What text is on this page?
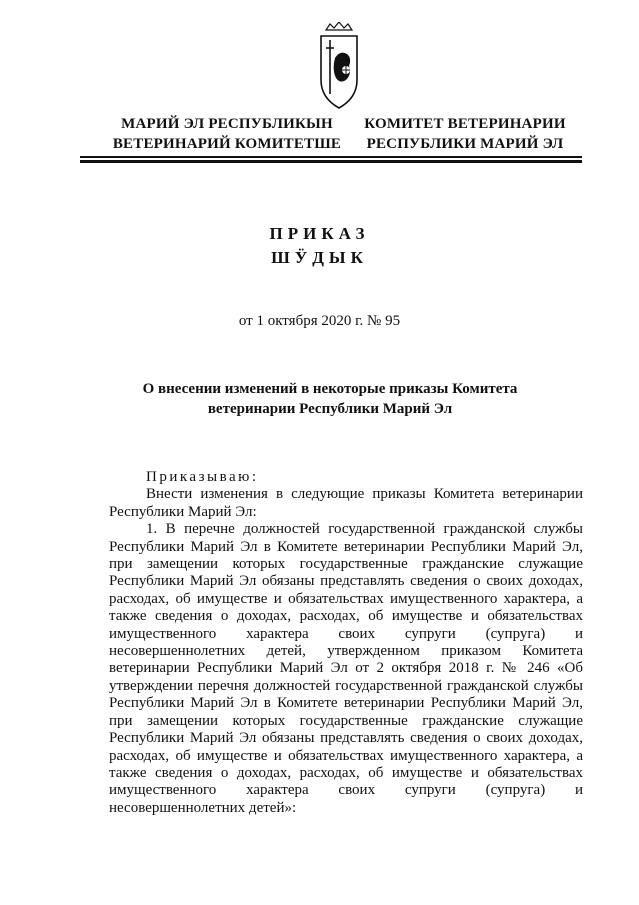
МАРИЙ ЭЛ РЕСПУБЛИКЫН
ВЕТЕРИНАРИЙ КОМИТЕТШЕ
КОМИТЕТ ВЕТЕРИНАРИИ
РЕСПУБЛИКИ МАРИЙ ЭЛ
ПРИКАЗ
ШӰДЫК
от 1 октября 2020 г. № 95
О внесении изменений в некоторые приказы Комитета
ветеринарии Республики Марий Эл

Приказываю:

Внести изменения в следующие приказы Комитета ветеринарии Республики Марий Эл:

1. В перечне должностей государственной гражданской службы Республики Марий Эл в Комитете ветеринарии Республики Марий Эл, при замещении которых государственные гражданские служащие Республики Марий Эл обязаны представлять сведения о своих доходах, расходах, об имуществе и обязательствах имущественного характера, а также сведения о доходах, расходах, об имуществе и обязательствах имущественного характера своих супруги (супруга) и несовершеннолетних детей, утвержденном приказом Комитета ветеринарии Республики Марий Эл от 2 октября 2018 г. № 246 «Об утверждении перечня должностей государственной гражданской службы Республики Марий Эл в Комитете ветеринарии Республики Марий Эл, при замещении которых государственные гражданские служащие Республики Марий Эл обязаны представлять сведения о своих доходах, расходах, об имуществе и обязательствах имущественного характера, а также сведения о доходах, расходах, об имуществе и обязательствах имущественного характера своих супруги (супруга) и несовершеннолетних детей»:
